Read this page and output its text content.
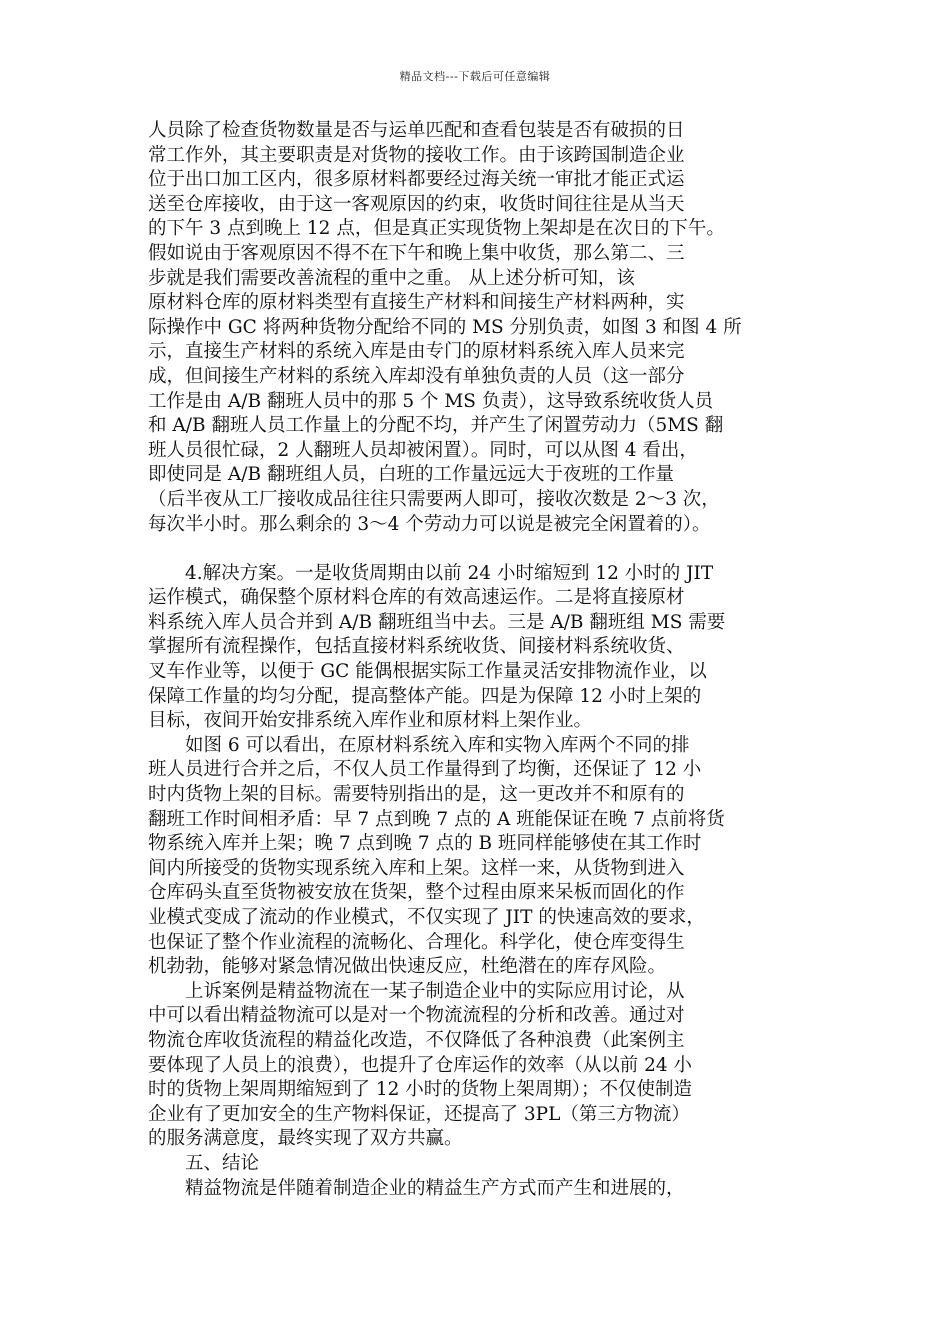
精品文档---下载后可任意编辑
人员除了检查货物数量是否与运单匹配和查看包装是否有破损的日
常工作外，其主要职责是对货物的接收工作。由于该跨国制造企业
位于出口加工区内，很多原材料都要经过海关统一审批才能正式运
送至仓库接收，由于这一客观原因的约束，收货时间往往是从当天
的下午 3 点到晚上 12 点，但是真正实现货物上架却是在次日的下午。
假如说由于客观原因不得不在下午和晚上集中收货，那么第二、三
步就是我们需要改善流程的重中之重。 从上述分析可知，该
原材料仓库的原材料类型有直接生产材料和间接生产材料两种，实
际操作中 GC 将两种货物分配给不同的 MS 分别负责，如图 3 和图 4 所
示，直接生产材料的系统入库是由专门的原材料系统入库人员来完
成，但间接生产材料的系统入库却没有单独负责的人员（这一部分
工作是由 A/B 翻班人员中的那 5 个 MS 负责），这导致系统收货人员
和 A/B 翻班人员工作量上的分配不均，并产生了闲置劳动力（5MS 翻
班人员很忙碌，2 人翻班人员却被闲置）。同时，可以从图 4 看出，
即使同是 A/B 翻班组人员，白班的工作量远远大于夜班的工作量
（后半夜从工厂接收成品往往只需要两人即可，接收次数是 2～3 次，
每次半小时。那么剩余的 3～4 个劳动力可以说是被完全闲置着的）。
　　4.解决方案。一是收货周期由以前 24 小时缩短到 12 小时的 JIT
运作模式，确保整个原材料仓库的有效高速运作。二是将直接原材
料系统入库人员合并到 A/B 翻班组当中去。三是 A/B 翻班组 MS 需要
掌握所有流程操作，包括直接材料系统收货、间接材料系统收货、
叉车作业等，以便于 GC 能偶根据实际工作量灵活安排物流作业，以
保障工作量的均匀分配，提高整体产能。四是为保障 12 小时上架的
目标，夜间开始安排系统入库作业和原材料上架作业。
　　如图 6 可以看出，在原材料系统入库和实物入库两个不同的排
班人员进行合并之后，不仅人员工作量得到了均衡，还保证了 12 小
时内货物上架的目标。需要特别指出的是，这一更改并不和原有的
翻班工作时间相矛盾：早 7 点到晚 7 点的 A 班能保证在晚 7 点前将货
物系统入库并上架；晚 7 点到晚 7 点的 B 班同样能够使在其工作时
间内所接受的货物实现系统入库和上架。这样一来，从货物到进入
仓库码头直至货物被安放在货架，整个过程由原来呆板而固化的作
业模式变成了流动的作业模式，不仅实现了 JIT 的快速高效的要求，
也保证了整个作业流程的流畅化、合理化。科学化，使仓库变得生
机勃勃，能够对紧急情况做出快速反应，杜绝潜在的库存风险。
　　上诉案例是精益物流在一某子制造企业中的实际应用讨论，从
中可以看出精益物流可以是对一个物流流程的分析和改善。通过对
物流仓库收货流程的精益化改造，不仅降低了各种浪费（此案例主
要体现了人员上的浪费），也提升了仓库运作的效率（从以前 24 小
时的货物上架周期缩短到了 12 小时的货物上架周期）；不仅使制造
企业有了更加安全的生产物料保证，还提高了 3PL（第三方物流）
的服务满意度，最终实现了双方共赢。
　　五、结论
　　精益物流是伴随着制造企业的精益生产方式而产生和进展的，
